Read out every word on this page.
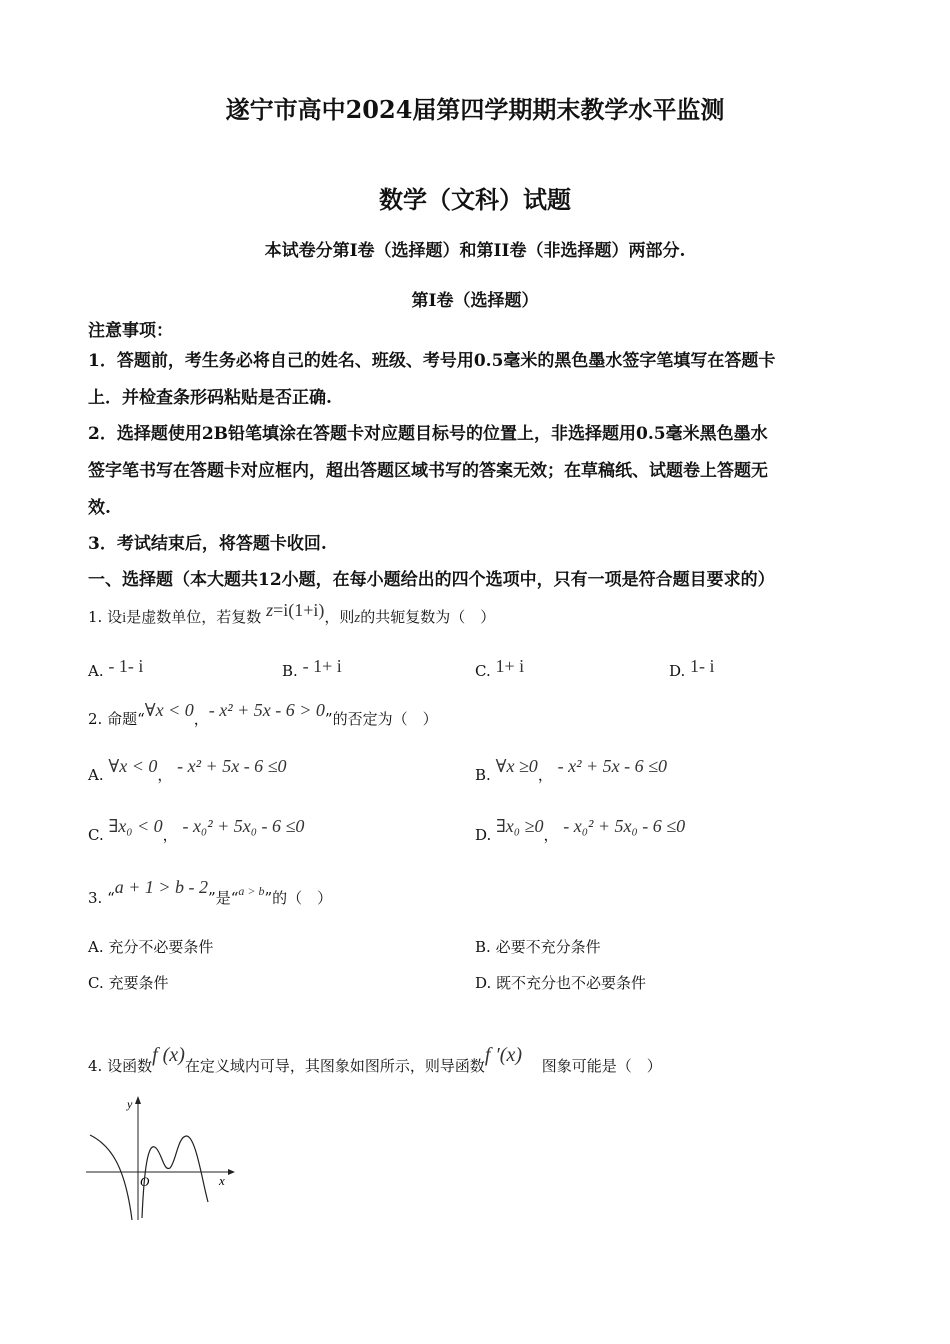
遂宁市高中2024届第四学期期末教学水平监测
数学（文科）试题
本试卷分第I卷（选择题）和第II卷（非选择题）两部分.
第Ⅰ卷（选择题）
注意事项：
1．答题前，考生务必将自己的姓名、班级、考号用0.5毫米的黑色墨水签字笔填写在答题卡
上．并检查条形码粘贴是否正确.
2．选择题使用2B铅笔填涂在答题卡对应题目标号的位置上，非选择题用0.5毫米黑色墨水
签字笔书写在答题卡对应框内，超出答题区域书写的答案无效；在草稿纸、试题卷上答题无
效.
3．考试结束后，将答题卡收回.
一、选择题（本大题共12小题，在每小题给出的四个选项中，只有一项是符合题目要求的）
1. 设i是虚数单位，若复数 z=i(1+i)，则z的共轭复数为（　）
A. - 1- i	B. - 1+ i	C. 1+ i	D. 1- i
2. 命题“∀x < 0，- x² + 5x - 6 > 0”的否定为（　）
A. ∀x < 0， - x² + 5x - 6 ≤0	B. ∀x ≥0， - x² + 5x - 6 ≤0
C. ∃x₀ < 0， - x₀² + 5x₀ - 6 ≤0	D. ∃x₀ ≥0， - x₀² + 5x₀ - 6 ≤0
3. “a + 1 > b - 2”是“$^{a > b}$”的（　）
A. 充分不必要条件	B. 必要不充分条件
C. 充要条件	D. 既不充分也不必要条件
4. 设函数f (x)在定义域内可导，其图象如图所示，则导函数f ′(x)　 图象可能是（　）
y
x
O
